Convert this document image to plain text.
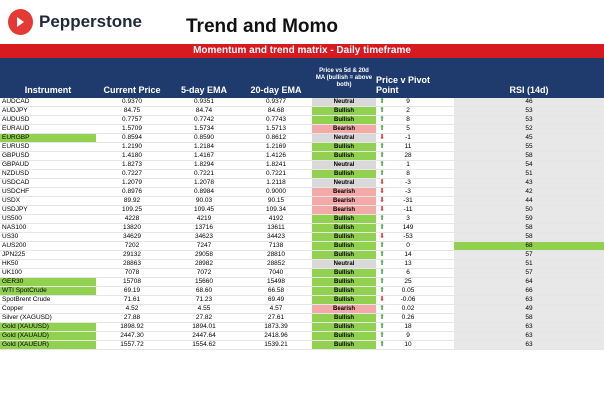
Pepperstone Trend and Momo
Momentum and trend matrix - Daily timeframe
Instrument	Current Price	5-day EMA	20-day EMA
Price vs 5d & 20d MA (bullish = above both)	Price v Pivot Point	RSI (14d)
AUDCAD	0.9370	0.9351	0.9377	Neutral	⬆	9		46
AUDJPY	84.75	84.74	84.68	Bullish	⬆	2		53
AUDUSD	0.7757	0.7742	0.7743	Bullish	⬆	8		53
EURAUD	1.5709	1.5734	1.5713	Bearish	⬆	5		52
EURGBP	0.8594	0.8590	0.8612	Neutral	⬇	-1		45
EURUSD	1.2190	1.2184	1.2169	Bullish	⬆	11		55
GBPUSD	1.4180	1.4167	1.4126	Bullish	⬆	28		58
GBPAUD	1.8273	1.8294	1.8241	Neutral	⬆	1		54
NZDUSD	0.7227	0.7221	0.7221	Bullish	⬆	8		51
USDCAD	1.2079	1.2078	1.2118	Neutral	⬇	-3		43
USDCHF	0.8976	0.8984	0.9000	Bearish	⬇	-3		42
USDX	89.92	90.03	90.15	Bearish	⬇	-31		44
USDJPY	109.25	109.45	109.34	Bearish	⬇	-11		50
US500	4228	4219	4192	Bullish	⬆	3		59
NAS100	13820	13716	13611	Bullish	⬆	149		58
US30	34629	34623	34423	Bullish	⬇	-53		58
AUS200	7202	7247	7138	Bullish	⬆	0		68
JPN225	29132	29058	28810	Bullish	⬆	14		57
HK50	28863	28982	28852	Neutral	⬆	13		51
UK100	7078	7072	7040	Bullish	⬆	6		57
GER30	15708	15660	15498	Bullish	⬆	25		64
WTI SpotCrude	69.19	68.60	66.58	Bullish	⬆	0.05		66
SpotBrent Crude	71.61	71.23	69.49	Bullish	⬇	-0.06		63
Copper	4.52	4.55	4.57	Bearish	⬆	0.02		49
Silver (XAGUSD)	27.88	27.82	27.61	Bullish	⬆	0.26		58
Gold (XAUUSD)	1898.92	1894.01	1873.39	Bullish	⬆	18		63
Gold (XAUAUD)	2447.30	2447.64	2418.96	Bullish	⬆	9		63
Gold (XAUEUR)	1557.72	1554.62	1539.21	Bullish	⬆	10		63
